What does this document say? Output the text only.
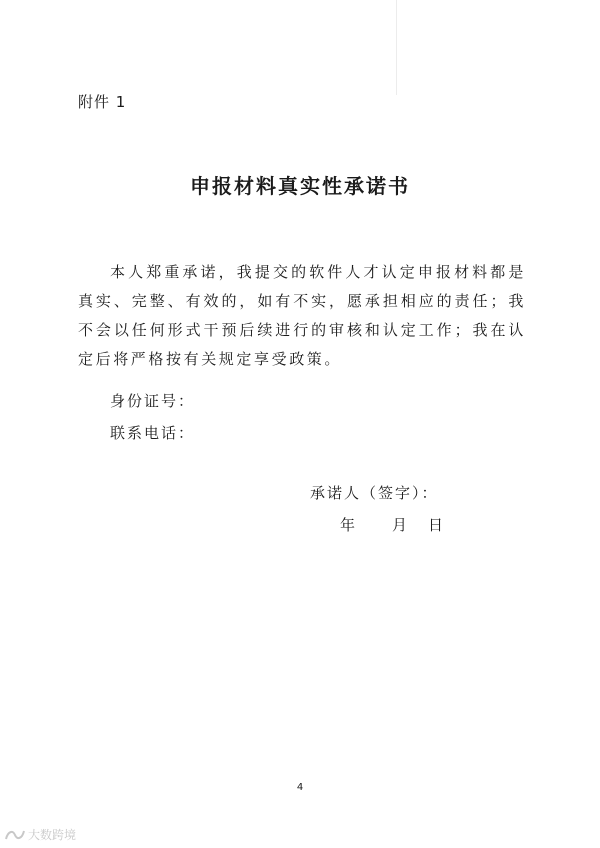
附件 1
申报材料真实性承诺书
本人郑重承诺，我提交的软件人才认定申报材料都是真实、完整、有效的，如有不实，愿承担相应的责任；我不会以任何形式干预后续进行的审核和认定工作；我在认定后将严格按有关规定享受政策。
身份证号：
联系电话：
承诺人（签字）：
年	月	日
4
大数跨境
